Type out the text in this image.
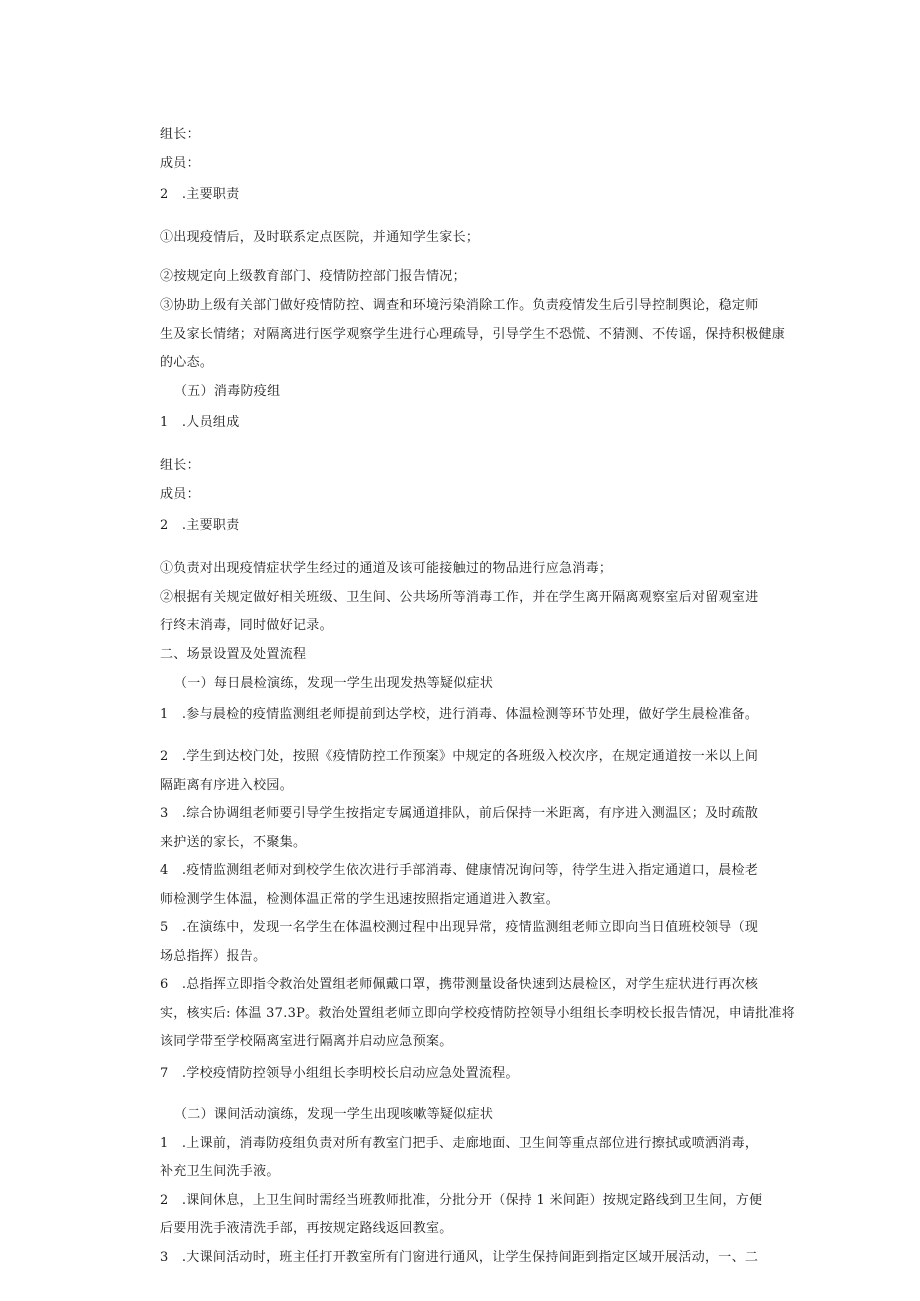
组长：
成员：
2　.主要职责
①出现疫情后，及时联系定点医院，并通知学生家长；
②按规定向上级教育部门、疫情防控部门报告情况；
③协助上级有关部门做好疫情防控、调查和环境污染消除工作。负责疫情发生后引导控制舆论，稳定师
生及家长情绪；对隔离进行医学观察学生进行心理疏导，引导学生不恐慌、不猜测、不传谣，保持积极健康
的心态。
（五）消毒防疫组
1　.人员组成
组长：
成员：
2　.主要职责
①负责对出现疫情症状学生经过的通道及该可能接触过的物品进行应急消毒；
②根据有关规定做好相关班级、卫生间、公共场所等消毒工作，并在学生离开隔离观察室后对留观室进
行终末消毒，同时做好记录。
二、场景设置及处置流程
（一）每日晨检演练，发现一学生出现发热等疑似症状
1　.参与晨检的疫情监测组老师提前到达学校，进行消毒、体温检测等环节处理，做好学生晨检准备。
2　.学生到达校门处，按照《疫情防控工作预案》中规定的各班级入校次序，在规定通道按一米以上间
隔距离有序进入校园。
3　.综合协调组老师要引导学生按指定专属通道排队，前后保持一米距离，有序进入测温区；及时疏散
来护送的家长，不聚集。
4　.疫情监测组老师对到校学生依次进行手部消毒、健康情况询问等，待学生进入指定通道口，晨检老
师检测学生体温，检测体温正常的学生迅速按照指定通道进入教室。
5　.在演练中，发现一名学生在体温校测过程中出现异常，疫情监测组老师立即向当日值班校领导（现
场总指挥）报告。
6　.总指挥立即指令救治处置组老师佩戴口罩，携带测量设备快速到达晨检区，对学生症状进行再次核
实，核实后: 体温 37.3P。救治处置组老师立即向学校疫情防控领导小组组长李明校长报告情况，申请批准将
该同学带至学校隔离室进行隔离并启动应急预案。
7　.学校疫情防控领导小组组长李明校长启动应急处置流程。
（二）课间活动演练，发现一学生出现咳嗽等疑似症状
1　.上课前，消毒防疫组负责对所有教室门把手、走廊地面、卫生间等重点部位进行擦拭或喷洒消毒，
补充卫生间洗手液。
2　.课间休息，上卫生间时需经当班教师批准，分批分开（保持 1 米间距）按规定路线到卫生间，方便
后要用洗手液清洗手部，再按规定路线返回教室。
3　.大课间活动时，班主任打开教室所有门窗进行通风，让学生保持间距到指定区域开展活动，一、二
